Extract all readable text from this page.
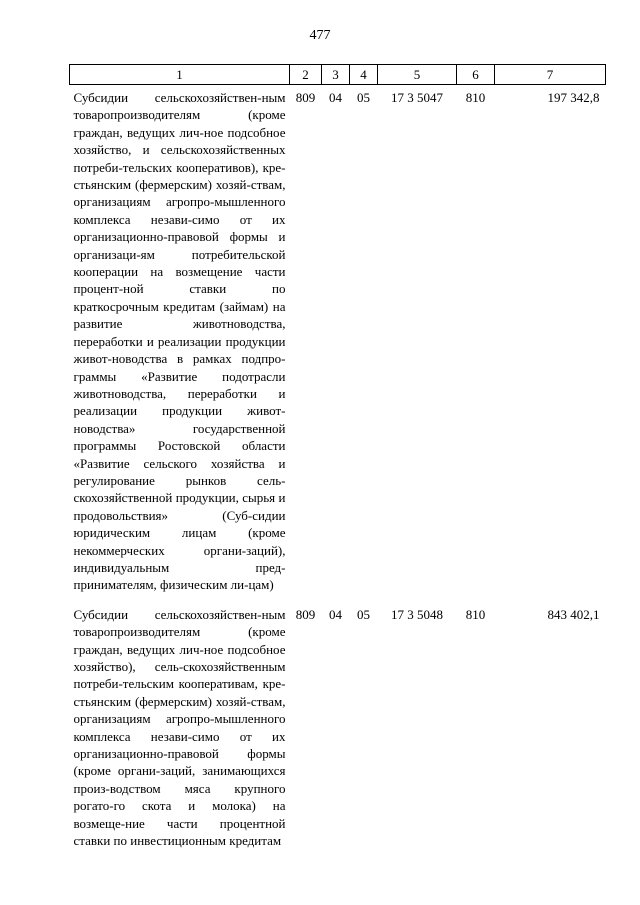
477
1	2	3	4	5	6	7
Субсидии сельскохозяйствен-ным товаропроизводителям (кроме граждан, ведущих лич-ное подсобное хозяйство, и сельскохозяйственных потреби-тельских кооперативов), кре-стьянским (фермерским) хозяй-ствам, организациям агропро-мышленного комплекса незави-симо от их организационно-правовой формы и организаци-ям потребительской кооперации на возмещение части процент-ной ставки по краткосрочным кредитам (займам) на развитие животноводства, переработки и реализации продукции живот-новодства в рамках подпро-граммы «Развитие подотрасли животноводства, переработки и реализации продукции живот-новодства» государственной программы Ростовской области «Развитие сельского хозяйства и регулирование рынков сель-скохозяйственной продукции, сырья и продовольствия» (Суб-сидии юридическим лицам (кроме некоммерческих органи-заций), индивидуальным пред-принимателям, физическим ли-цам)	809	04	05	17 3 5047	810	197 342,8
Субсидии сельскохозяйствен-ным товаропроизводителям (кроме граждан, ведущих лич-ное подсобное хозяйство), сель-скохозяйственным потреби-тельским кооперативам, кре-стьянским (фермерским) хозяй-ствам, организациям агропро-мышленного комплекса незави-симо от их организационно-правовой формы (кроме органи-заций, занимающихся произ-водством мяса крупного рогато-го скота и молока) на возмеще-ние части процентной ставки по инвестиционным кредитам	809	04	05	17 3 5048	810	843 402,1
